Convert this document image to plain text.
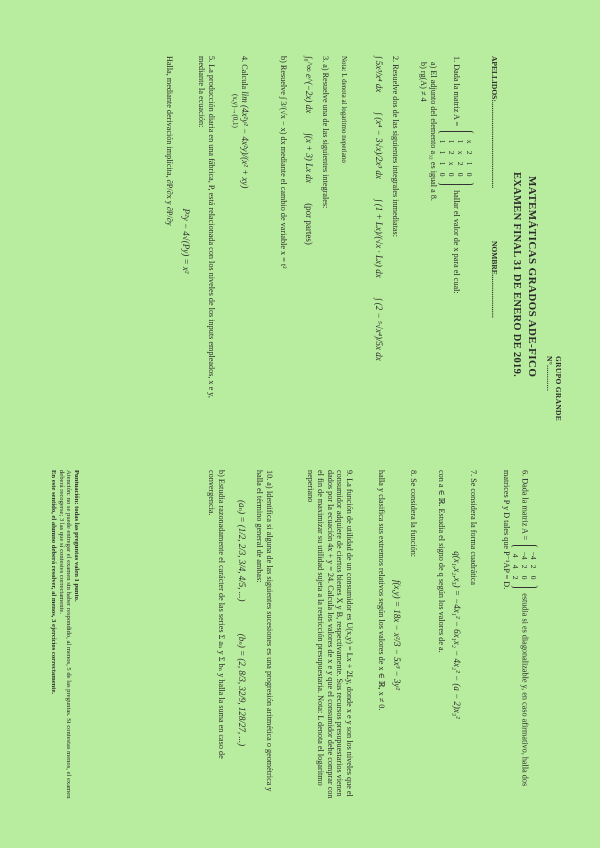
GRUPO GRANDE N°............
MATEMÁTICAS GRADOS ADE-FICO
EXAMEN FINAL 31 DE ENERO DE 2019.
APELLIDOS:..............................................
NOMBRE.......................
1. Dada la matriz A =
x210
1x20
12x0
1110
hallar el valor de x para el cual:
a) El adjunto del elemento a₃₂ es igual a 8.
b) rg(A) ≠ 4
2. Resuelve dos de las siguientes integrales inmediatas:
∫ 5x³/x⁴ dx ∫ (x⁴ − 3√x)/2x³ dx ∫ (1 + Lx)/(√x · Lx) dx ∫ (2 − ⁵√x⁴)/5x dx
Nota: L denota al logaritmo neperiano
3. a) Resuelve una de las siguientes integrales:
∫₀^∞ e^(−2x) dx ∫(x + 3) Lx dx (por partes)
b) Resuelve ∫ 3/(√x − x) dx mediante el cambio de variable x = t²
4. Calcula lim (4x²y² − 4x²y)/(x² + xy)
(x,y)→(0,1)
5. La producción diaria en una fábrica, P, está relacionada con los niveles de los inputs empleados, x e y, mediante la ecuación:
P²y − 4√(Py) = x²
Halla, mediante derivación implícita, ∂P/∂x y ∂P/∂y
6. Dada la matriz A =
−420
−420
442
estudia si es diagonalizable y, en caso afirmativo, halla dos matrices P y D tales que P⁻¹AP = D.
7. Se considera la forma cuadrática
q(x₁,x₂,x₃) = −4x₁² − 6x₁x₂ − 4x₂² − (a − 2)x₃²
con a ∈ ℝ. Estudia el signo de q según los valores de a.
8. Se considera la función:
f(x,y) = 18x − x²/3 − 5x³ − 3y²
halla y clasifica sus extremos relativos según los valores de x ∈ ℝ, x ≠ 0.
9. La función de utilidad de un consumidor es U(x,y) = Lx + 2Ly, donde x e y son los niveles que el consumidor adquiere de ciertos bienes X y B, respectivamente. Sus recursos presupuestarios vienen dados por la ecuación 4x + y = 24. Calcula los valores de x e y que el consumidor debe comprar con el fin de maximizar su utilidad sujeta a la restricción presupuestaria. Nota: L denota el logaritmo neperiano
10. a) Identifica si alguna de las siguientes sucesiones es una progresión aritmética o geométrica y halla el término general de ambas:
(aₙ) = (1/2, 2/3, 3/4, 4/5, ...) (bₙ) = (2, 8/3, 32/9, 128/27, ...)
b) Estudia razonadamente el carácter de las series Σ aₙ y Σ bₙ y halla la suma en caso de convergencia.
Puntuación: todas las preguntas valen 1 punto.
Atención: no se puede entregar el examen sin haber respondido, al menos, 5 de las preguntas. Si contestas menos, el examen deberá recogerse; 3 las que sí contestes correctamente.
En este sentido, el alumno deberá resolver, al menos, 3 ejercicios correctamente.
